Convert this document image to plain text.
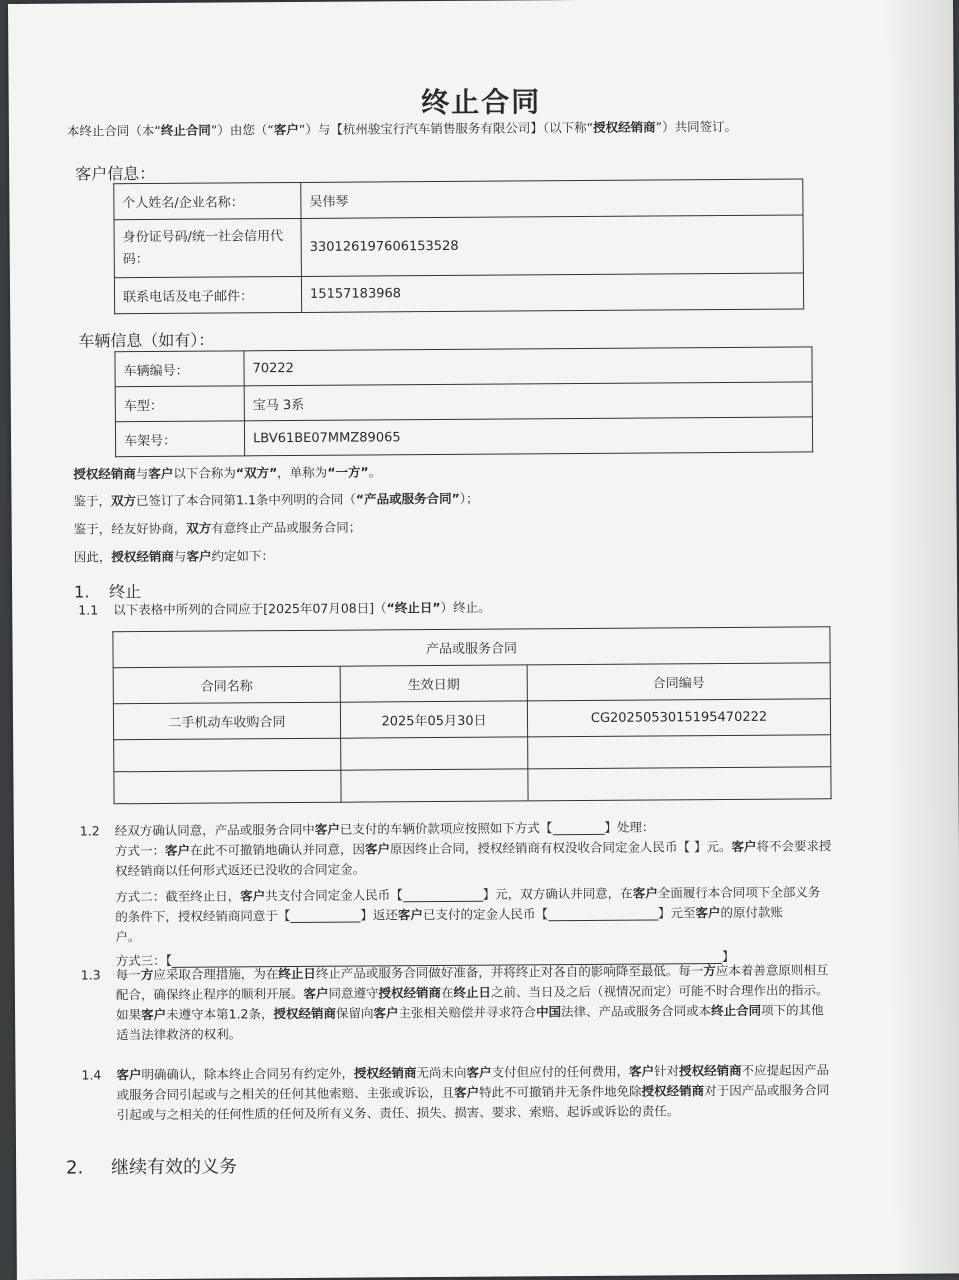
终止合同
本终止合同（本“终止合同”）由您（“客户”）与【杭州骏宝行汽车销售服务有限公司】（以下称“授权经销商”）共同签订。
客户信息：
个人姓名/企业名称：	吴伟琴
身份证号码/统一社会信用代码：	330126197606153528
联系电话及电子邮件：	15157183968
车辆信息（如有）：
车辆编号：	70222
车型：	宝马 3系
车架号：	LBV61BE07MMZ89065
授权经销商与客户以下合称为“双方”，单称为“一方”。
鉴于，双方已签订了本合同第1.1条中列明的合同（“产品或服务合同”）；
鉴于，经友好协商，双方有意终止产品或服务合同；
因此，授权经销商与客户约定如下：
1. 终止
1.1 以下表格中所列的合同应于[2025年07月08日]（“终止日”）终止。
产品或服务合同		
合同名称	生效日期	合同编号
二手机动车收购合同	2025年05月30日	CG2025053015195470222

1.2 经双方确认同意，产品或服务合同中客户已支付的车辆价款项应按照如下方式【	】处理：
方式一：客户在此不可撤销地确认并同意，因客户原因终止合同，授权经销商有权没收合同定金人民币【 】元。客户将不会要求授
权经销商以任何形式返还已没收的合同定金。
方式二：截至终止日，客户共支付合同定金人民币【	】元，双方确认并同意，在客户全面履行本合同项下全部义务
的条件下，授权经销商同意于【	】返还客户已支付的定金人民币【	】元至客户的原付款账
户。
方式三：【	】
1.3 每一方应采取合理措施，为在终止日终止产品或服务合同做好准备，并将终止对各自的影响降至最低。每一方应本着善意原则相互
配合，确保终止程序的顺利开展。客户同意遵守授权经销商在终止日之前、当日及之后（视情况而定）可能不时合理作出的指示。
如果客户未遵守本第1.2条，授权经销商保留向客户主张相关赔偿并寻求符合中国法律、产品或服务合同或本终止合同项下的其他
适当法律救济的权利。
1.4 客户明确确认，除本终止合同另有约定外，授权经销商无尚未向客户支付但应付的任何费用，客户针对授权经销商不应提起因产品
或服务合同引起或与之相关的任何其他索赔、主张或诉讼，且客户特此不可撤销并无条件地免除授权经销商对于因产品或服务合同
引起或与之相关的任何性质的任何及所有义务、责任、损失、损害、要求、索赔、起诉或诉讼的责任。
2. 继续有效的义务
